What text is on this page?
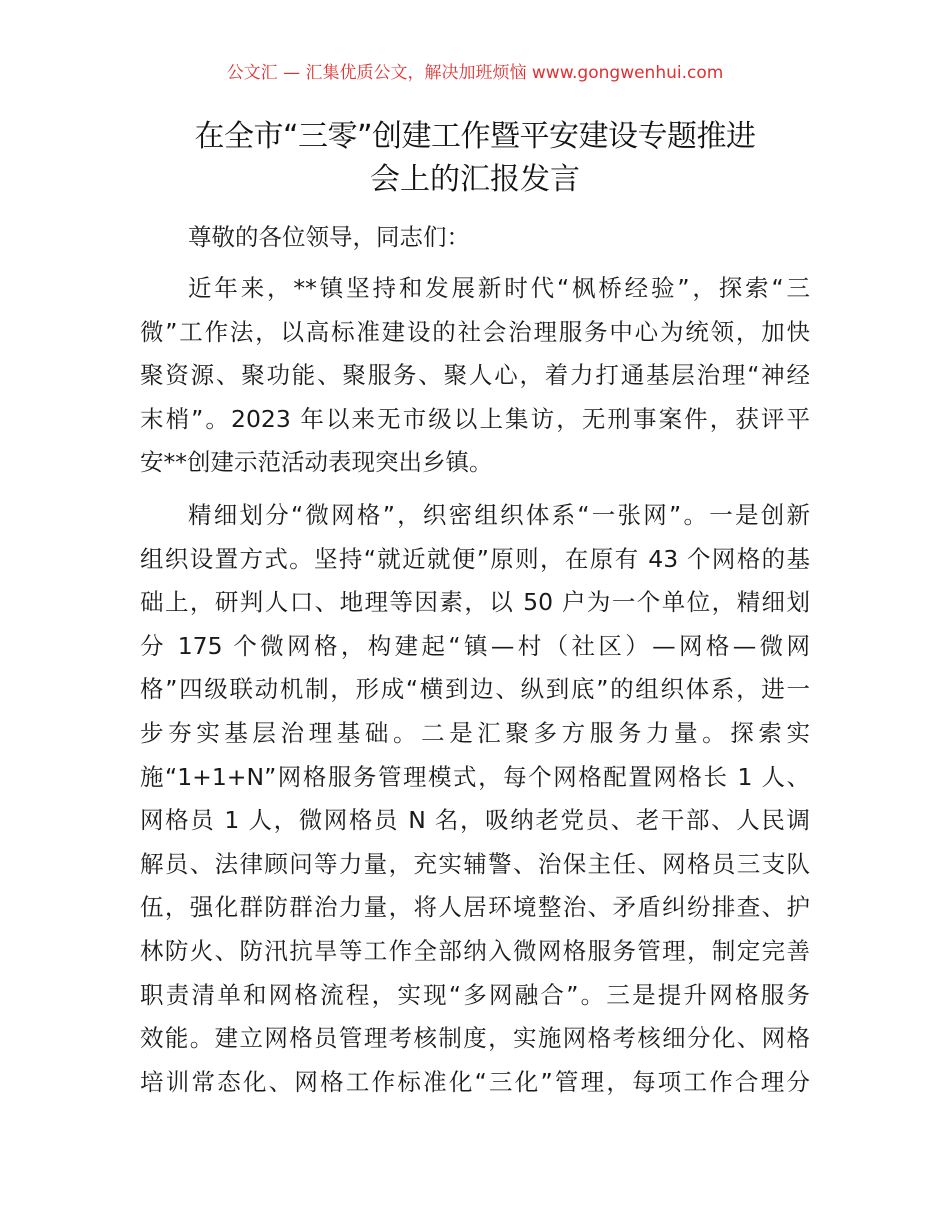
公文汇 — 汇集优质公文，解决加班烦恼 www.gongwenhui.com
在全市“三零”创建工作暨平安建设专题推进
会上的汇报发言
尊敬的各位领导，同志们：
近年来，**镇坚持和发展新时代“枫桥经验”，探索“三
微”工作法，以高标准建设的社会治理服务中心为统领，加快
聚资源、聚功能、聚服务、聚人心，着力打通基层治理“神经
末梢”。2023 年以来无市级以上集访，无刑事案件，获评平
安**创建示范活动表现突出乡镇。
精细划分“微网格”，织密组织体系“一张网”。一是创新
组织设置方式。坚持“就近就便”原则，在原有 43 个网格的基
础上，研判人口、地理等因素，以 50 户为一个单位，精细划
分 175 个微网格，构建起“镇—村（社区）—网格—微网
格”四级联动机制，形成“横到边、纵到底”的组织体系，进一
步夯实基层治理基础。二是汇聚多方服务力量。探索实
施“1+1+N”网格服务管理模式，每个网格配置网格长 1 人、
网格员 1 人，微网格员 N 名，吸纳老党员、老干部、人民调
解员、法律顾问等力量，充实辅警、治保主任、网格员三支队
伍，强化群防群治力量，将人居环境整治、矛盾纠纷排查、护
林防火、防汛抗旱等工作全部纳入微网格服务管理，制定完善
职责清单和网格流程，实现“多网融合”。三是提升网格服务
效能。建立网格员管理考核制度，实施网格考核细分化、网格
培训常态化、网格工作标准化“三化”管理，每项工作合理分
